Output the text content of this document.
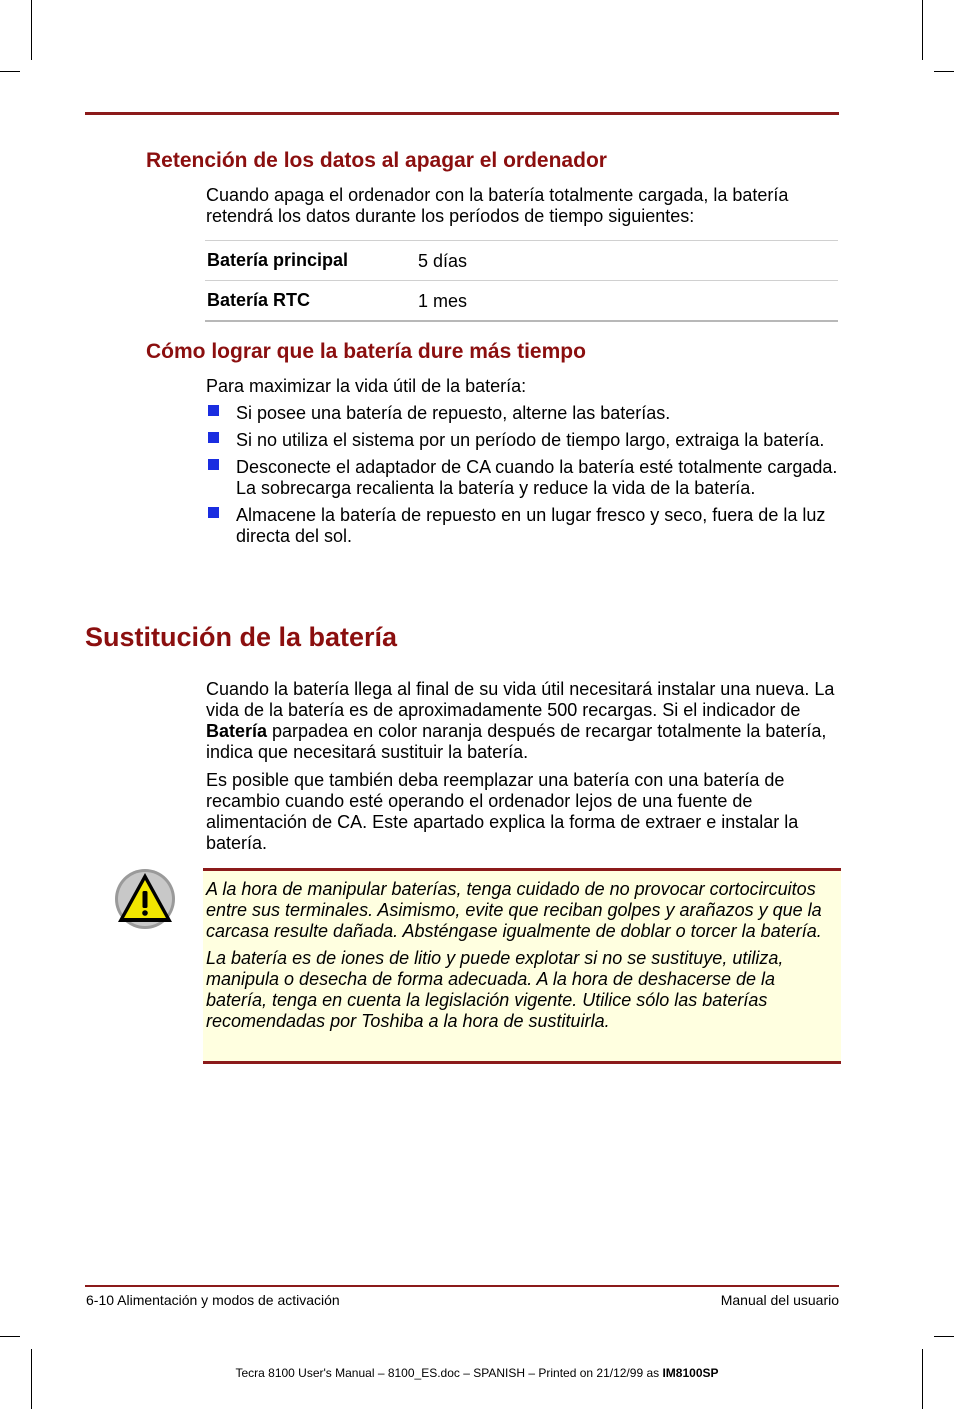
Retención de los datos al apagar el ordenador

Cuando apaga el ordenador con la batería totalmente cargada, la batería retendrá los datos durante los períodos de tiempo siguientes:

Batería principal	5 días
Batería RTC	1 mes
Cómo lograr que la batería dure más tiempo

Para maximizar la vida útil de la batería:

Si posee una batería de repuesto, alterne las baterías.
Si no utiliza el sistema por un período de tiempo largo, extraiga la batería.
Desconecte el adaptador de CA cuando la batería esté totalmente cargada. La sobrecarga recalienta la batería y reduce la vida de la batería.
Almacene la batería de repuesto en un lugar fresco y seco, fuera de la luz directa del sol.
Sustitución de la batería

Cuando la batería llega al final de su vida útil necesitará instalar una nueva. La vida de la batería es de aproximadamente 500 recargas. Si el indicador de Batería parpadea en color naranja después de recargar totalmente la batería, indica que necesitará sustituir la batería.

Es posible que también deba reemplazar una batería con una batería de recambio cuando esté operando el ordenador lejos de una fuente de alimentación de CA. Este apartado explica la forma de extraer e instalar la batería.

A la hora de manipular baterías, tenga cuidado de no provocar cortocircuitos entre sus terminales. Asimismo, evite que reciban golpes y arañazos y que la carcasa resulte dañada. Absténgase igualmente de doblar o torcer la batería.

La batería es de iones de litio y puede explotar si no se sustituye, utiliza, manipula o desecha de forma adecuada. A la hora de deshacerse de la batería, tenga en cuenta la legislación vigente. Utilice sólo las baterías recomendadas por Toshiba a la hora de sustituirla.

6-10 Alimentación y modos de activación	Manual del usuario
Tecra 8100 User's Manual – 8100_ES.doc – SPANISH – Printed on 21/12/99 as IM8100SP
